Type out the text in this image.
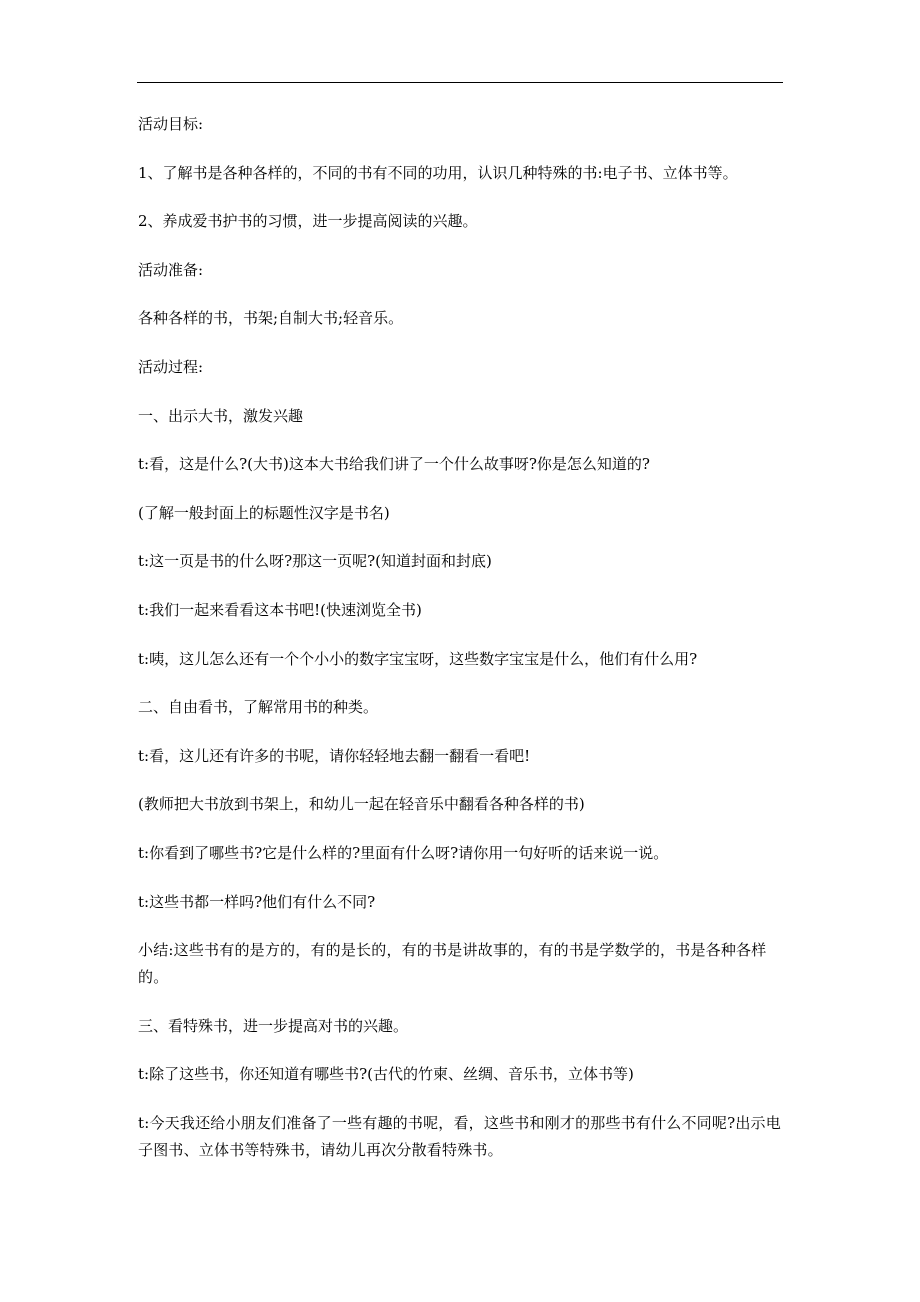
活动目标:

1、了解书是各种各样的，不同的书有不同的功用，认识几种特殊的书:电子书、立体书等。

2、养成爱书护书的习惯，进一步提高阅读的兴趣。

活动准备:

各种各样的书，书架;自制大书;轻音乐。

活动过程:

一、出示大书，激发兴趣

t:看，这是什么?(大书)这本大书给我们讲了一个什么故事呀?你是怎么知道的?

(了解一般封面上的标题性汉字是书名)

t:这一页是书的什么呀?那这一页呢?(知道封面和封底)

t:我们一起来看看这本书吧!(快速浏览全书)

t:咦，这儿怎么还有一个个小小的数字宝宝呀，这些数字宝宝是什么，他们有什么用?

二、自由看书，了解常用书的种类。

t:看，这儿还有许多的书呢，请你轻轻地去翻一翻看一看吧!

(教师把大书放到书架上，和幼儿一起在轻音乐中翻看各种各样的书)

t:你看到了哪些书?它是什么样的?里面有什么呀?请你用一句好听的话来说一说。

t:这些书都一样吗?他们有什么不同?

小结:这些书有的是方的，有的是长的，有的书是讲故事的，有的书是学数学的，书是各种各样的。

三、看特殊书，进一步提高对书的兴趣。

t:除了这些书，你还知道有哪些书?(古代的竹柬、丝绸、音乐书，立体书等)

t:今天我还给小朋友们准备了一些有趣的书呢，看，这些书和刚才的那些书有什么不同呢?出示电子图书、立体书等特殊书，请幼儿再次分散看特殊书。
